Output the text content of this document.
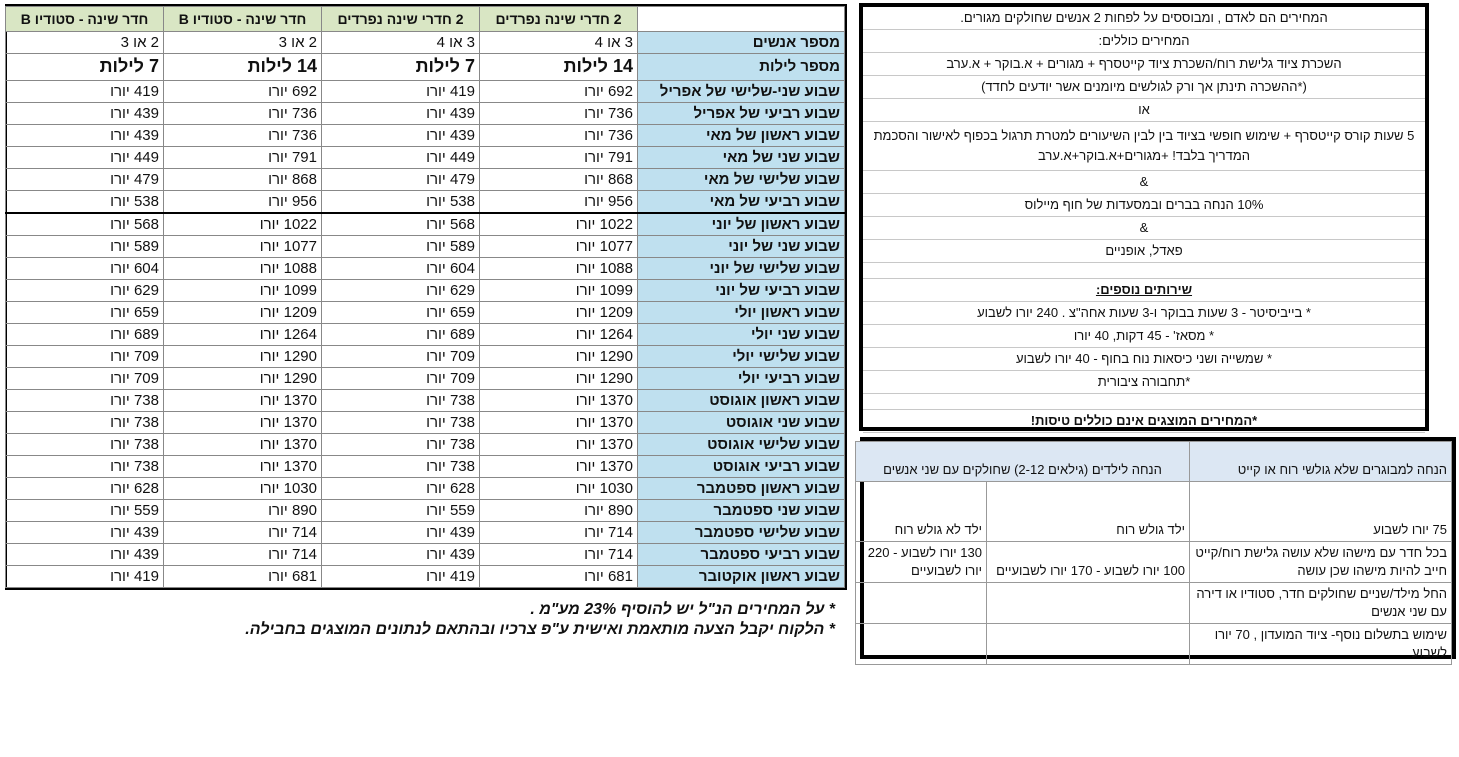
	2 חדרי שינה נפרדים	2 חדרי שינה נפרדים	חדר שינה - סטודיו B	חדר שינה - סטודיו B
מספר אנשים	3 או 4	3 או 4	2 או 3	2 או 3
מספר לילות	14 לילות	7 לילות	14 לילות	7 לילות
שבוע שני-שלישי של אפריל	692 יורו	419 יורו	692 יורו	419 יורו
שבוע רביעי של אפריל	736 יורו	439 יורו	736 יורו	439 יורו
שבוע ראשון של מאי	736 יורו	439 יורו	736 יורו	439 יורו
שבוע שני של מאי	791 יורו	449 יורו	791 יורו	449 יורו
שבוע שלישי של מאי	868 יורו	479 יורו	868 יורו	479 יורו
שבוע רביעי של מאי	956 יורו	538 יורו	956 יורו	538 יורו
שבוע ראשון של יוני	1022 יורו	568 יורו	1022 יורו	568 יורו
שבוע שני של יוני	1077 יורו	589 יורו	1077 יורו	589 יורו
שבוע שלישי של יוני	1088 יורו	604 יורו	1088 יורו	604 יורו
שבוע רביעי של יוני	1099 יורו	629 יורו	1099 יורו	629 יורו
שבוע ראשון יולי	1209 יורו	659 יורו	1209 יורו	659 יורו
שבוע שני יולי	1264 יורו	689 יורו	1264 יורו	689 יורו
שבוע שלישי יולי	1290 יורו	709 יורו	1290 יורו	709 יורו
שבוע רביעי יולי	1290 יורו	709 יורו	1290 יורו	709 יורו
שבוע ראשון אוגוסט	1370 יורו	738 יורו	1370 יורו	738 יורו
שבוע שני אוגוסט	1370 יורו	738 יורו	1370 יורו	738 יורו
שבוע שלישי אוגוסט	1370 יורו	738 יורו	1370 יורו	738 יורו
שבוע רביעי אוגוסט	1370 יורו	738 יורו	1370 יורו	738 יורו
שבוע ראשון ספטמבר	1030 יורו	628 יורו	1030 יורו	628 יורו
שבוע שני ספטמבר	890 יורו	559 יורו	890 יורו	559 יורו
שבוע שלישי ספטמבר	714 יורו	439 יורו	714 יורו	439 יורו
שבוע רביעי ספטמבר	714 יורו	439 יורו	714 יורו	439 יורו
שבוע ראשון אוקטובר	681 יורו	419 יורו	681 יורו	419 יורו
* על המחירים הנ"ל יש להוסיף 23% מע"מ .
* הלקוח יקבל הצעה מותאמת ואישית ע"פ צרכיו ובהתאם לנתונים המוצגים בחבילה.
המחירים הם לאדם , ומבוססים על לפחות 2 אנשים שחולקים מגורים.
המחירים כוללים:
השכרת ציוד גלישת רוח/השכרת ציוד קייטסרף + מגורים + א.בוקר + א.ערב
(*ההשכרה תינתן אך ורק לגולשים מיומנים אשר יודעים לחדד)
או
5 שעות קורס קייטסרף + שימוש חופשי בציוד בין לבין השיעורים למטרת תרגול בכפוף לאישור והסכמת המדריך בלבד! +מגורים+א.בוקר+א.ערב
&
10% הנחה בברים ובמסעדות של חוף מיילוס
&
פאדל, אופניים
שירותים נוספים:
* בייביסיטר - 3 שעות בבוקר ו-3 שעות אחה"צ . 240 יורו לשבוע
* מסאז' - 45 דקות, 40 יורו
* שמשייה ושני כיסאות נוח בחוף - 40 יורו לשבוע
*תחבורה ציבורית
*המחירים המוצגים אינם כוללים טיסות!
הנחה למבוגרים שלא גולשי רוח או קייט	הנחה לילדים (גילאים 2-12) שחולקים עם שני אנשים	
75 יורו לשבוע	ילד גולש רוח	ילד לא גולש רוח
בכל חדר עם מישהו שלא עושה גלישת רוח/קייט חייב להיות מישהו שכן עושה	100 יורו לשבוע - 170 יורו לשבועיים	130 יורו לשבוע - 220 יורו לשבועיים
החל מילד/שניים שחולקים חדר, סטודיו או דירה עם שני אנשים		
שימוש בתשלום נוסף- ציוד המועדון , 70 יורו לשבוע		
